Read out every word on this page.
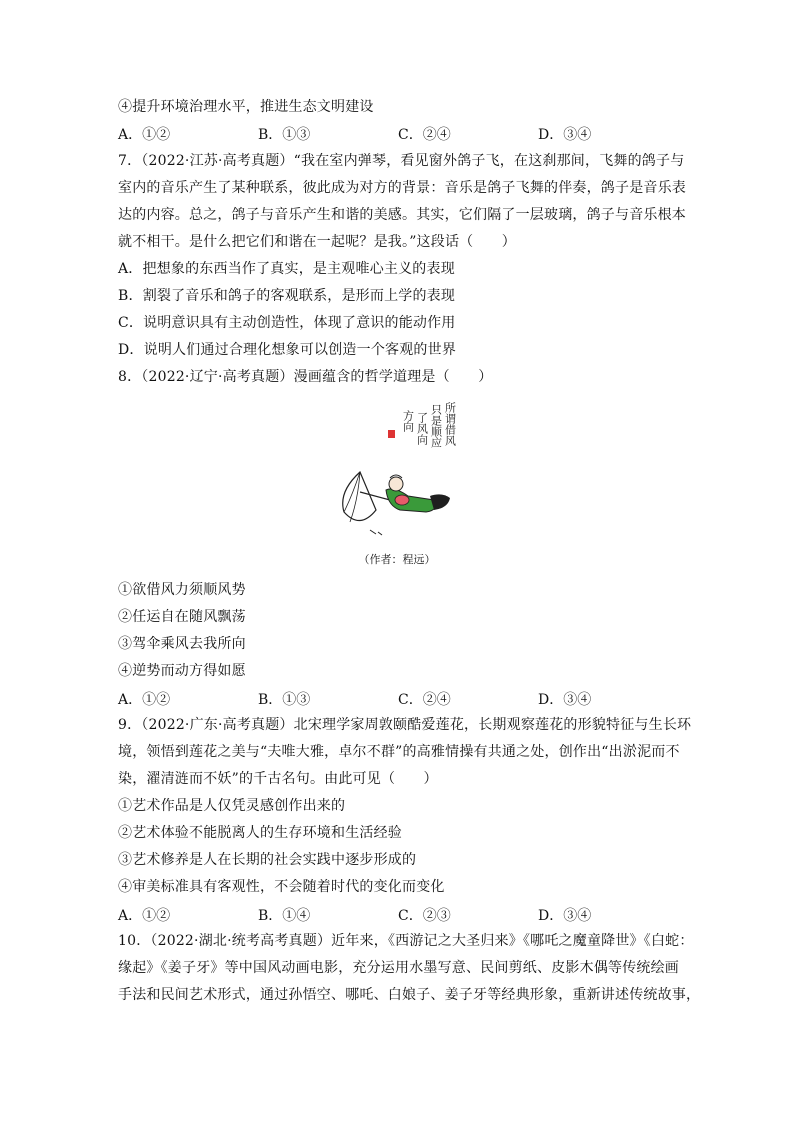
④提升环境治理水平，推进生态文明建设
A．①②	B．①③	C．②④	D．③④
7．（2022·江苏·高考真题）“我在室内弹琴，看见窗外鸽子飞，在这刹那间，飞舞的鸽子与
室内的音乐产生了某种联系，彼此成为对方的背景：音乐是鸽子飞舞的伴奏，鸽子是音乐表
达的内容。总之，鸽子与音乐产生和谐的美感。其实，它们隔了一层玻璃，鸽子与音乐根本
就不相干。是什么把它们和谐在一起呢？是我。”这段话（　　）
A．把想象的东西当作了真实，是主观唯心主义的表现
B．割裂了音乐和鸽子的客观联系，是形而上学的表现
C．说明意识具有主动创造性，体现了意识的能动作用
D．说明人们通过合理化想象可以创造一个客观的世界
8．（2022·辽宁·高考真题）漫画蕴含的哲学道理是（　　）
所谓借风
只是顺应
了风向
方向
（作者：程远）
①欲借风力须顺风势
②任运自在随风飘荡
③驾伞乘风去我所向
④逆势而动方得如愿
A．①②	B．①③	C．②④	D．③④
9．（2022·广东·高考真题）北宋理学家周敦颐酷爱莲花，长期观察莲花的形貌特征与生长环
境，领悟到莲花之美与“夫唯大雅，卓尔不群”的高雅情操有共通之处，创作出“出淤泥而不
染，濯清涟而不妖”的千古名句。由此可见（　　）
①艺术作品是人仅凭灵感创作出来的
②艺术体验不能脱离人的生存环境和生活经验
③艺术修养是人在长期的社会实践中逐步形成的
④审美标准具有客观性，不会随着时代的变化而变化
A．①②	B．①④	C．②③	D．③④
10．（2022·湖北·统考高考真题）近年来，《西游记之大圣归来》《哪吒之魔童降世》《白蛇：
缘起》《姜子牙》等中国风动画电影，充分运用水墨写意、民间剪纸、皮影木偶等传统绘画
手法和民间艺术形式，通过孙悟空、哪吒、白娘子、姜子牙等经典形象，重新讲述传统故事，
